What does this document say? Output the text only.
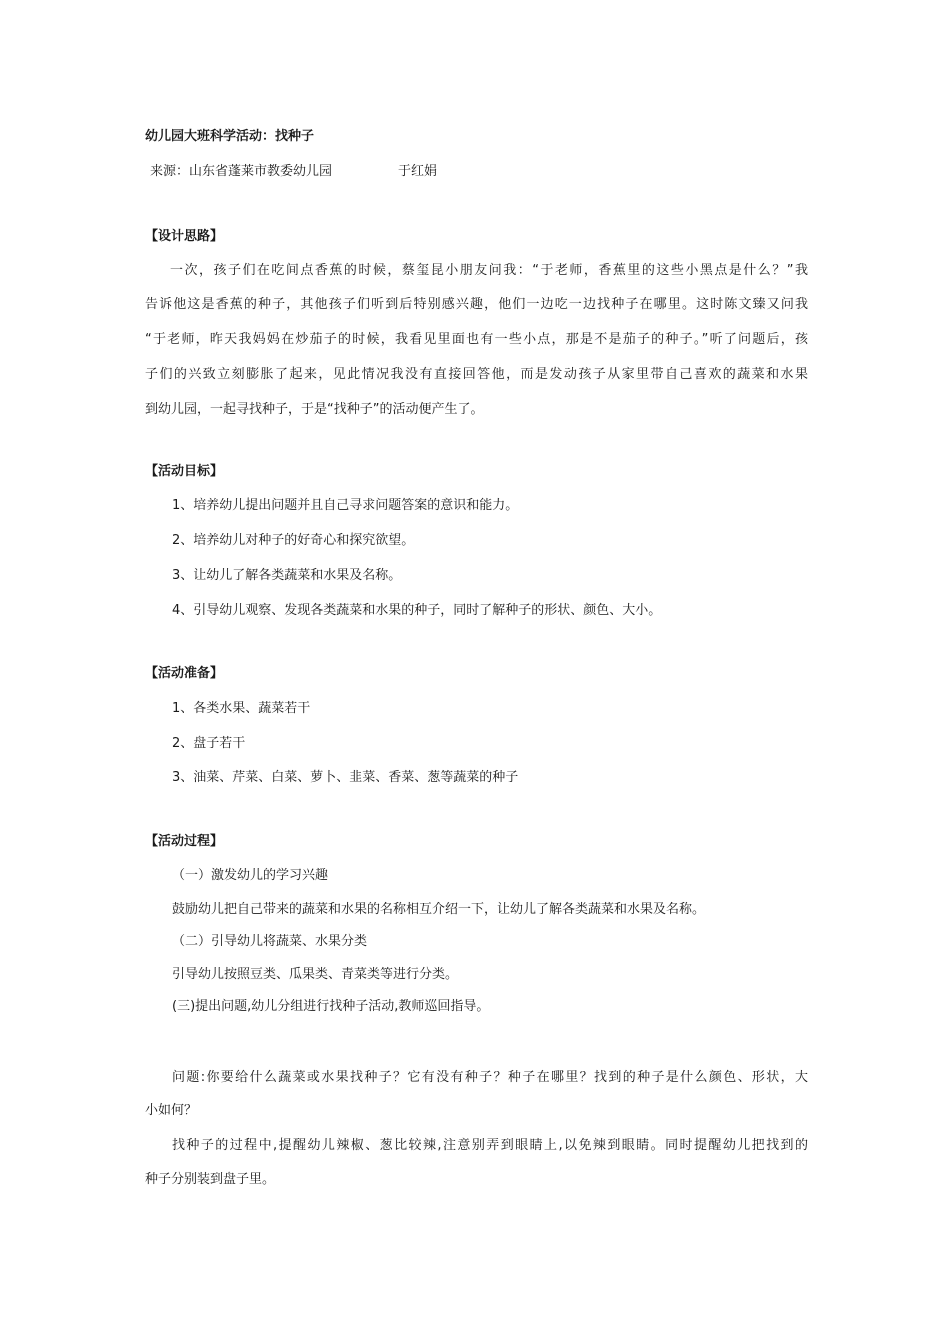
幼儿园大班科学活动：找种子
来源：山东省蓬莱市教委幼儿园	于红娟
【设计思路】
一次，孩子们在吃间点香蕉的时候，蔡玺昆小朋友问我：“于老师，香蕉里的这些小黑点是什么？”我
告诉他这是香蕉的种子，其他孩子们听到后特别感兴趣，他们一边吃一边找种子在哪里。这时陈文臻又问我
“于老师，昨天我妈妈在炒茄子的时候，我看见里面也有一些小点，那是不是茄子的种子。”听了问题后，孩
子们的兴致立刻膨胀了起来，见此情况我没有直接回答他，而是发动孩子从家里带自己喜欢的蔬菜和水果
到幼儿园，一起寻找种子，于是“找种子”的活动便产生了。
【活动目标】
1、培养幼儿提出问题并且自己寻求问题答案的意识和能力。
2、培养幼儿对种子的好奇心和探究欲望。
3、让幼儿了解各类蔬菜和水果及名称。
4、引导幼儿观察、发现各类蔬菜和水果的种子，同时了解种子的形状、颜色、大小。
【活动准备】
1、各类水果、蔬菜若干
2、盘子若干
3、油菜、芹菜、白菜、萝卜、韭菜、香菜、葱等蔬菜的种子
【活动过程】
（一）激发幼儿的学习兴趣
鼓励幼儿把自己带来的蔬菜和水果的名称相互介绍一下，让幼儿了解各类蔬菜和水果及名称。
（二）引导幼儿将蔬菜、水果分类
引导幼儿按照豆类、瓜果类、青菜类等进行分类。
(三)提出问题,幼儿分组进行找种子活动,教师巡回指导。
问题:你要给什么蔬菜或水果找种子？它有没有种子？种子在哪里？找到的种子是什么颜色、形状，大
小如何？
找种子的过程中,提醒幼儿辣椒、葱比较辣,注意别弄到眼睛上,以免辣到眼睛。同时提醒幼儿把找到的
种子分别装到盘子里。
